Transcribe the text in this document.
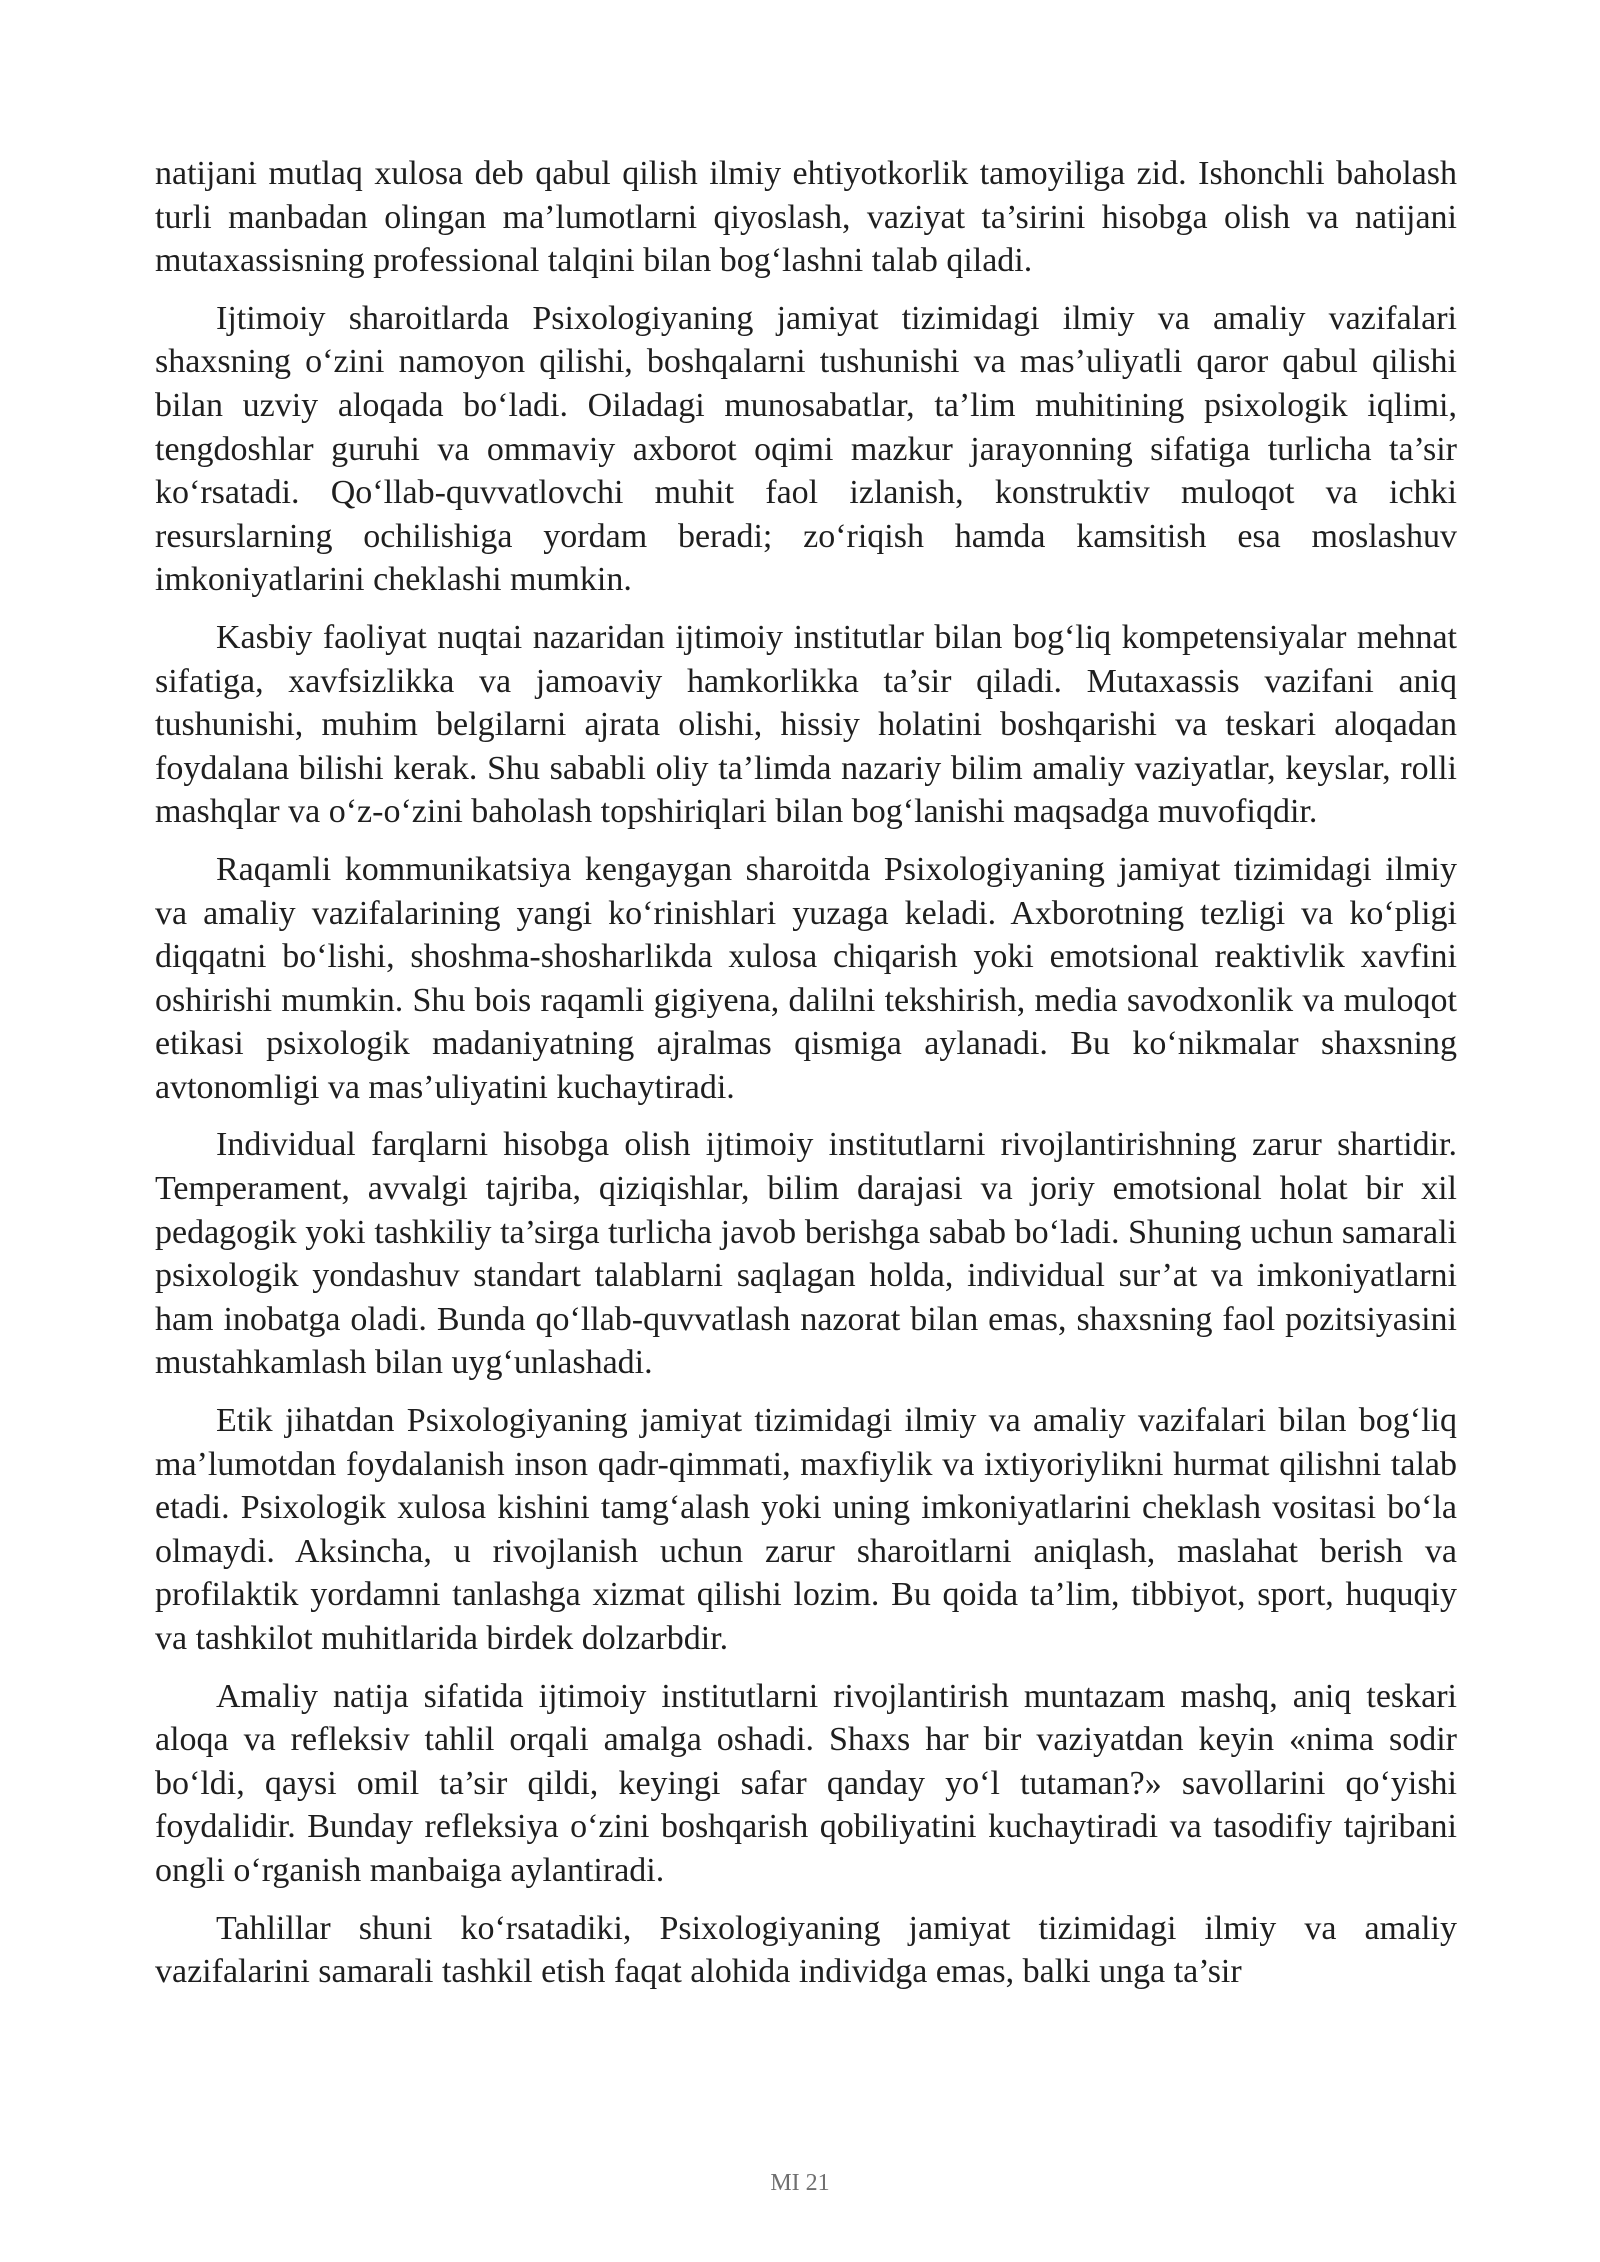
natijani mutlaq xulosa deb qabul qilish ilmiy ehtiyotkorlik tamoyiliga zid. Ishonchli baholash turli manbadan olingan ma’lumotlarni qiyoslash, vaziyat ta’sirini hisobga olish va natijani mutaxassisning professional talqini bilan bog‘lashni talab qiladi.

Ijtimoiy sharoitlarda Psixologiyaning jamiyat tizimidagi ilmiy va amaliy vazifalari shaxsning o‘zini namoyon qilishi, boshqalarni tushunishi va mas’uliyatli qaror qabul qilishi bilan uzviy aloqada bo‘ladi. Oiladagi munosabatlar, ta’lim muhitining psixologik iqlimi, tengdoshlar guruhi va ommaviy axborot oqimi mazkur jarayonning sifatiga turlicha ta’sir ko‘rsatadi. Qo‘llab-quvvatlovchi muhit faol izlanish, konstruktiv muloqot va ichki resurslarning ochilishiga yordam beradi; zo‘riqish hamda kamsitish esa moslashuv imkoniyatlarini cheklashi mumkin.

Kasbiy faoliyat nuqtai nazaridan ijtimoiy institutlar bilan bog‘liq kompetensiyalar mehnat sifatiga, xavfsizlikka va jamoaviy hamkorlikka ta’sir qiladi. Mutaxassis vazifani aniq tushunishi, muhim belgilarni ajrata olishi, hissiy holatini boshqarishi va teskari aloqadan foydalana bilishi kerak. Shu sababli oliy ta’limda nazariy bilim amaliy vaziyatlar, keyslar, rolli mashqlar va o‘z-o‘zini baholash topshiriqlari bilan bog‘lanishi maqsadga muvofiqdir.

Raqamli kommunikatsiya kengaygan sharoitda Psixologiyaning jamiyat tizimidagi ilmiy va amaliy vazifalarining yangi ko‘rinishlari yuzaga keladi. Axborotning tezligi va ko‘pligi diqqatni bo‘lishi, shoshma-shosharlikda xulosa chiqarish yoki emotsional reaktivlik xavfini oshirishi mumkin. Shu bois raqamli gigiyena, dalilni tekshirish, media savodxonlik va muloqot etikasi psixologik madaniyatning ajralmas qismiga aylanadi. Bu ko‘nikmalar shaxsning avtonomligi va mas’uliyatini kuchaytiradi.

Individual farqlarni hisobga olish ijtimoiy institutlarni rivojlantirishning zarur shartidir. Temperament, avvalgi tajriba, qiziqishlar, bilim darajasi va joriy emotsional holat bir xil pedagogik yoki tashkiliy ta’sirga turlicha javob berishga sabab bo‘ladi. Shuning uchun samarali psixologik yondashuv standart talablarni saqlagan holda, individual sur’at va imkoniyatlarni ham inobatga oladi. Bunda qo‘llab-quvvatlash nazorat bilan emas, shaxsning faol pozitsiyasini mustahkamlash bilan uyg‘unlashadi.

Etik jihatdan Psixologiyaning jamiyat tizimidagi ilmiy va amaliy vazifalari bilan bog‘liq ma’lumotdan foydalanish inson qadr-qimmati, maxfiylik va ixtiyoriylikni hurmat qilishni talab etadi. Psixologik xulosa kishini tamg‘alash yoki uning imkoniyatlarini cheklash vositasi bo‘la olmaydi. Aksincha, u rivojlanish uchun zarur sharoitlarni aniqlash, maslahat berish va profilaktik yordamni tanlashga xizmat qilishi lozim. Bu qoida ta’lim, tibbiyot, sport, huquqiy va tashkilot muhitlarida birdek dolzarbdir.

Amaliy natija sifatida ijtimoiy institutlarni rivojlantirish muntazam mashq, aniq teskari aloqa va refleksiv tahlil orqali amalga oshadi. Shaxs har bir vaziyatdan keyin «nima sodir bo‘ldi, qaysi omil ta’sir qildi, keyingi safar qanday yo‘l tutaman?» savollarini qo‘yishi foydalidir. Bunday refleksiya o‘zini boshqarish qobiliyatini kuchaytiradi va tasodifiy tajribani ongli o‘rganish manbaiga aylantiradi.

Tahlillar shuni ko‘rsatadiki, Psixologiyaning jamiyat tizimidagi ilmiy va amaliy vazifalarini samarali tashkil etish faqat alohida individga emas, balki unga ta’sir

MI 21
